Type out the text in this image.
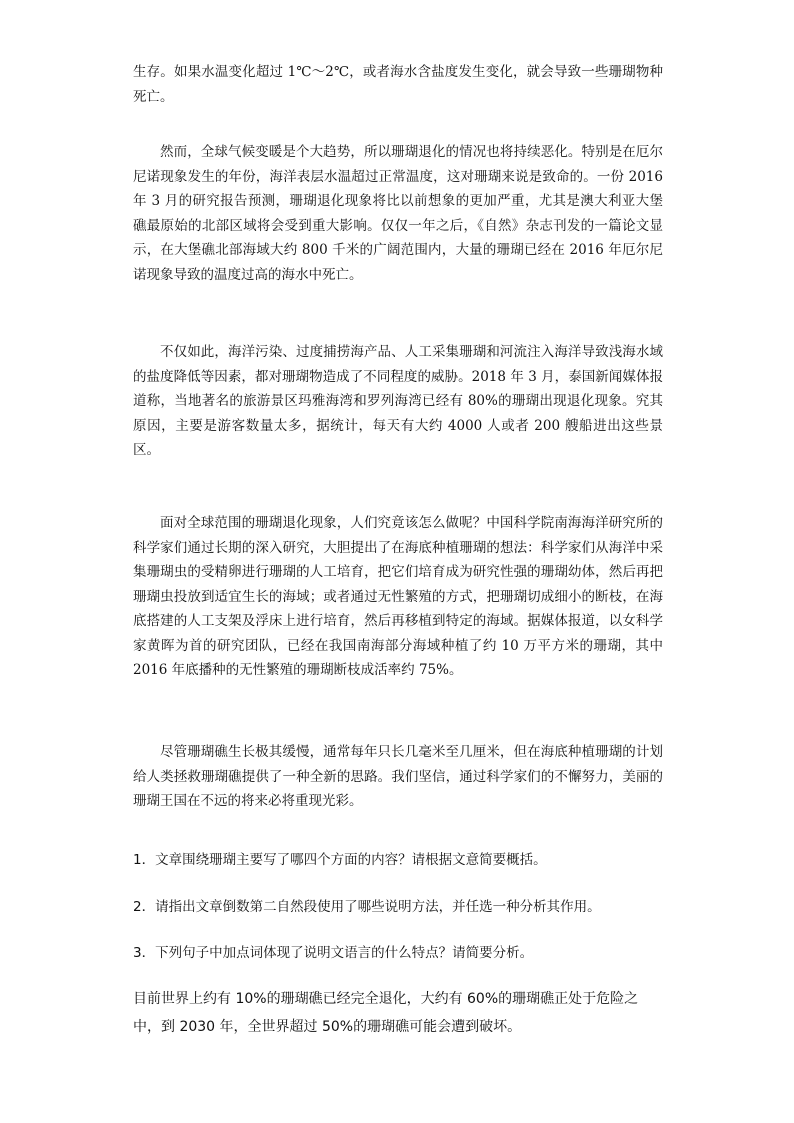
生存。如果水温变化超过 1℃～2℃，或者海水含盐度发生变化，就会导致一些珊瑚物种死亡。

然而，全球气候变暖是个大趋势，所以珊瑚退化的情况也将持续恶化。特别是在厄尔尼诺现象发生的年份，海洋表层水温超过正常温度，这对珊瑚来说是致命的。一份 2016 年 3 月的研究报告预测，珊瑚退化现象将比以前想象的更加严重，尤其是澳大利亚大堡礁最原始的北部区域将会受到重大影响。仅仅一年之后，《自然》杂志刊发的一篇论文显示，在大堡礁北部海域大约 800 千米的广阔范围内，大量的珊瑚已经在 2016 年厄尔尼诺现象导致的温度过高的海水中死亡。

不仅如此，海洋污染、过度捕捞海产品、人工采集珊瑚和河流注入海洋导致浅海水域的盐度降低等因素，都对珊瑚物造成了不同程度的威胁。2018 年 3 月，泰国新闻媒体报道称，当地著名的旅游景区玛雅海湾和罗列海湾已经有 80%的珊瑚出现退化现象。究其原因，主要是游客数量太多，据统计，每天有大约 4000 人或者 200 艘船进出这些景区。

面对全球范围的珊瑚退化现象，人们究竟该怎么做呢？中国科学院南海海洋研究所的科学家们通过长期的深入研究，大胆提出了在海底种植珊瑚的想法：科学家们从海洋中采集珊瑚虫的受精卵进行珊瑚的人工培育，把它们培育成为研究性强的珊瑚幼体，然后再把珊瑚虫投放到适宜生长的海域；或者通过无性繁殖的方式，把珊瑚切成细小的断枝，在海底搭建的人工支架及浮床上进行培育，然后再移植到特定的海域。据媒体报道，以女科学家黄晖为首的研究团队，已经在我国南海部分海域种植了约 10 万平方米的珊瑚，其中 2016 年底播种的无性繁殖的珊瑚断枝成活率约 75%。

尽管珊瑚礁生长极其缓慢，通常每年只长几毫米至几厘米，但在海底种植珊瑚的计划给人类拯救珊瑚礁提供了一种全新的思路。我们坚信，通过科学家们的不懈努力，美丽的珊瑚王国在不远的将来必将重现光彩。

1．文章围绕珊瑚主要写了哪四个方面的内容？请根据文意简要概括。
2．请指出文章倒数第二自然段使用了哪些说明方法，并任选一种分析其作用。
3．下列句子中加点词体现了说明文语言的什么特点？请简要分析。
目前世界上约有 10%的珊瑚礁已经完全退化，大约有 60%的珊瑚礁正处于危险之中，到 2030 年，全世界超过 50%的珊瑚礁可能会遭到破坏。
